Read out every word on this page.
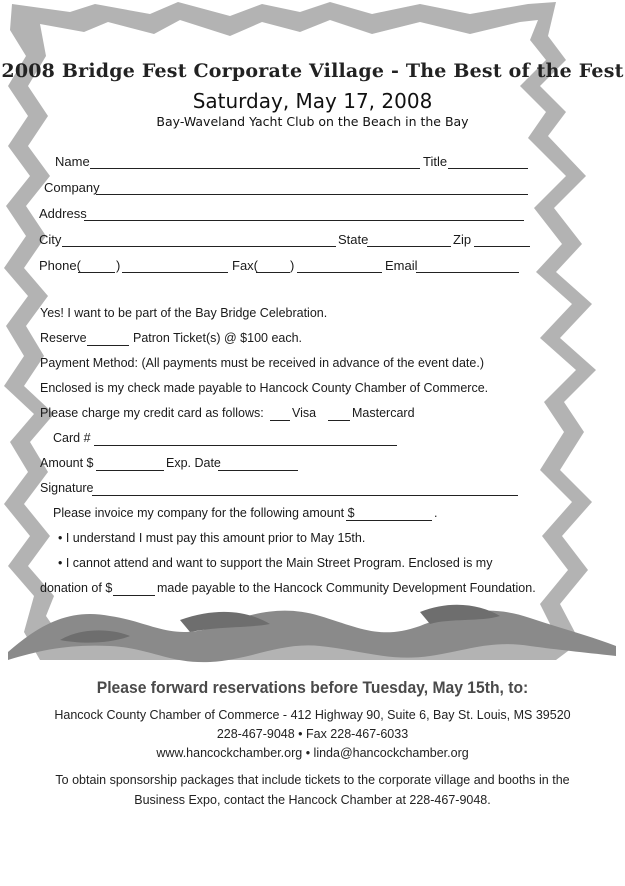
2008 Bridge Fest Corporate Village - The Best of the Fest
Saturday, May 17, 2008
Bay-Waveland Yacht Club on the Beach in the Bay
Name	Title
Company
Address
City	State	Zip
Phone(	)	Fax( )	Email
Yes! I want to be part of the Bay Bridge Celebration.
Reserve	Patron Ticket(s) @ $100 each.
Payment Method: (All payments must be received in advance of the event date.)
Enclosed is my check made payable to Hancock County Chamber of Commerce.
Please charge my credit card as follows: Visa	Mastercard
Card #
Amount $	Exp. Date
Signature
Please invoice my company for the following amount $	.
• I understand I must pay this amount prior to May 15th.
• I cannot attend and want to support the Main Street Program. Enclosed is my
donation of $	made payable to the Hancock Community Development Foundation.
Please forward reservations before Tuesday, May 15th, to:
Hancock County Chamber of Commerce - 412 Highway 90, Suite 6, Bay St. Louis, MS 39520
228-467-9048 • Fax 228-467-6033
www.hancockchamber.org • linda@hancockchamber.org
To obtain sponsorship packages that include tickets to the corporate village and booths in the
Business Expo, contact the Hancock Chamber at 228-467-9048.
